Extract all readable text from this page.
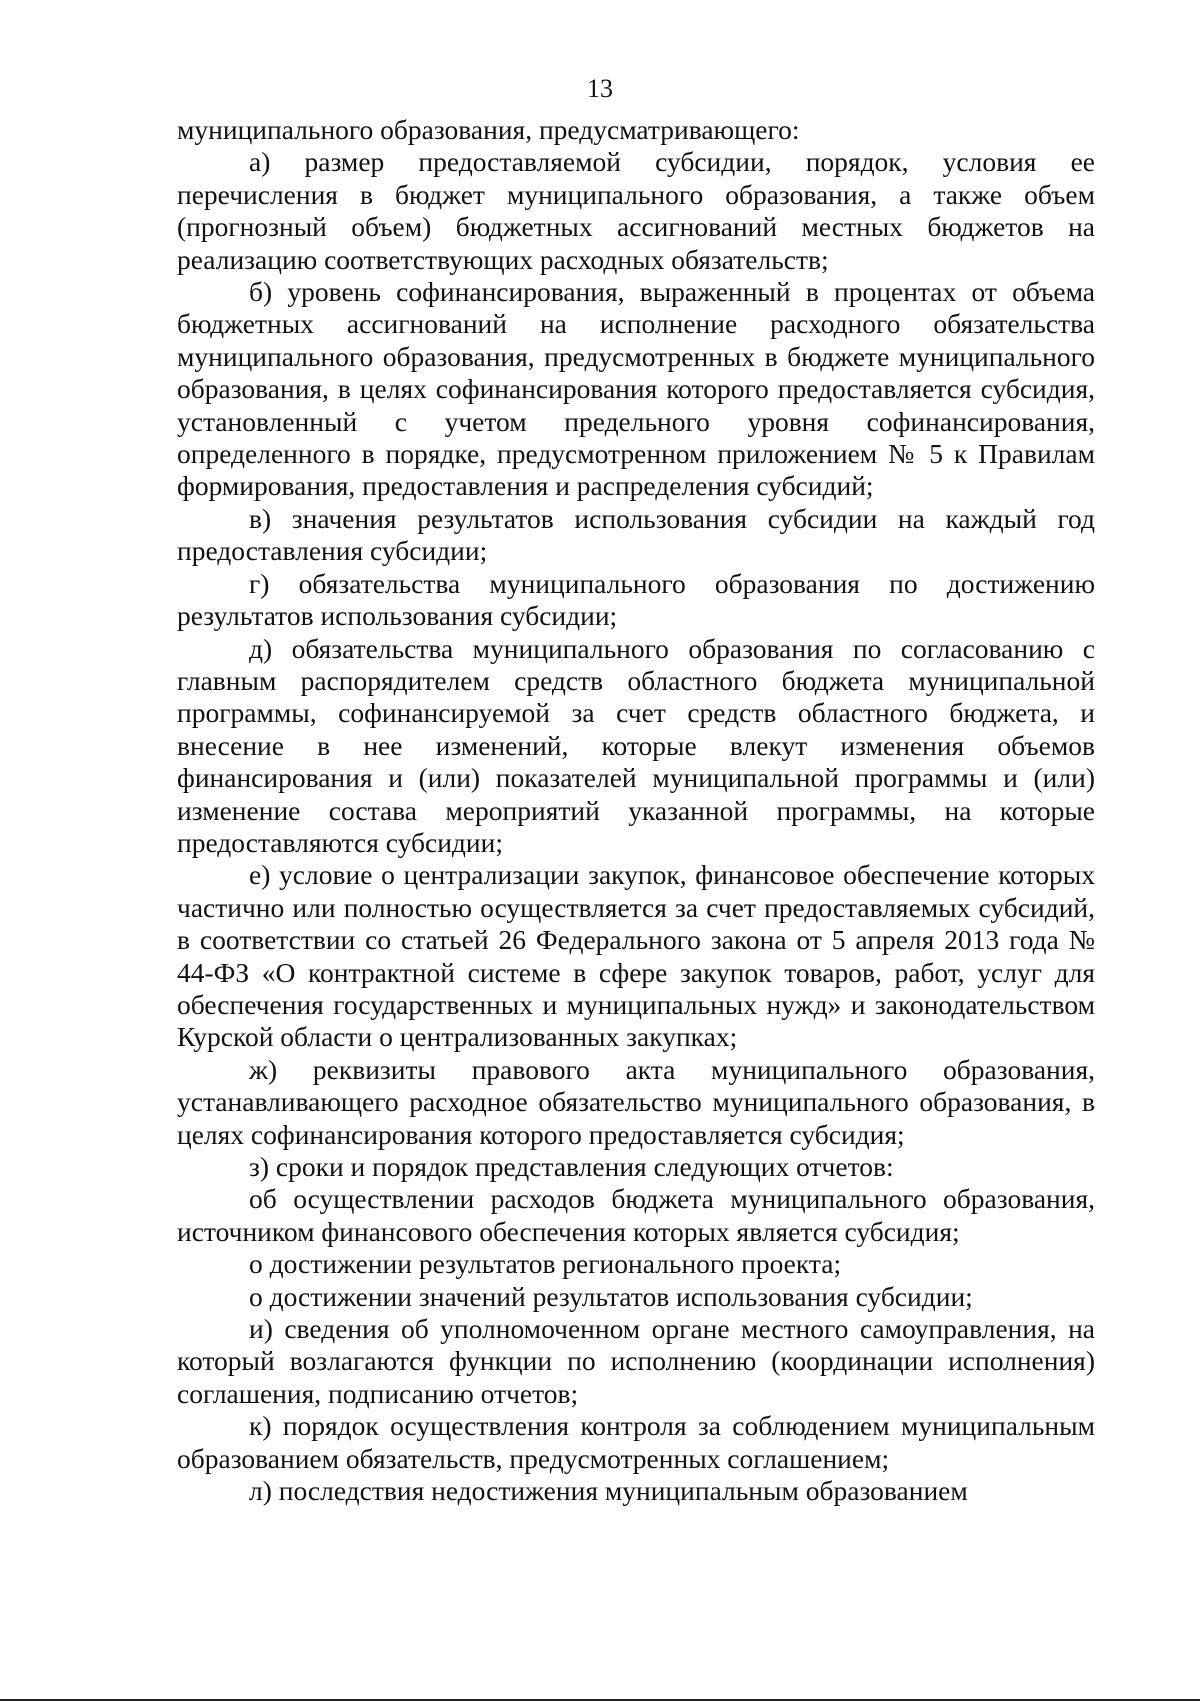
13

муниципального образования, предусматривающего:

а) размер предоставляемой субсидии, порядок, условия ее перечисления в бюджет муниципального образования, а также объем (прогнозный объем) бюджетных ассигнований местных бюджетов на реализацию соответствующих расходных обязательств;

б) уровень софинансирования, выраженный в процентах от объема бюджетных ассигнований на исполнение расходного обязательства муниципального образования, предусмотренных в бюджете муниципального образования, в целях софинансирования которого предоставляется субсидия, установленный с учетом предельного уровня софинансирования, определенного в порядке, предусмотренном приложением № 5 к Правилам формирования, предоставления и распределения субсидий;

в) значения результатов использования субсидии на каждый год предоставления субсидии;

г) обязательства муниципального образования по достижению результатов использования субсидии;

д) обязательства муниципального образования по согласованию с главным распорядителем средств областного бюджета муниципальной программы, софинансируемой за счет средств областного бюджета, и внесение в нее изменений, которые влекут изменения объемов финансирования и (или) показателей муниципальной программы и (или) изменение состава мероприятий указанной программы, на которые предоставляются субсидии;

е) условие о централизации закупок, финансовое обеспечение которых частично или полностью осуществляется за счет предоставляемых субсидий, в соответствии со статьей 26 Федерального закона от 5 апреля 2013 года № 44-ФЗ «О контрактной системе в сфере закупок товаров, работ, услуг для обеспечения государственных и муниципальных нужд» и законодательством Курской области о централизованных закупках;

ж) реквизиты правового акта муниципального образования, устанавливающего расходное обязательство муниципального образования, в целях софинансирования которого предоставляется субсидия;

з) сроки и порядок представления следующих отчетов:

об осуществлении расходов бюджета муниципального образования, источником финансового обеспечения которых является субсидия;

о достижении результатов регионального проекта;

о достижении значений результатов использования субсидии;

и) сведения об уполномоченном органе местного самоуправления, на который возлагаются функции по исполнению (координации исполнения) соглашения, подписанию отчетов;

к) порядок осуществления контроля за соблюдением муниципальным образованием обязательств, предусмотренных соглашением;

л) последствия недостижения муниципальным образованием
